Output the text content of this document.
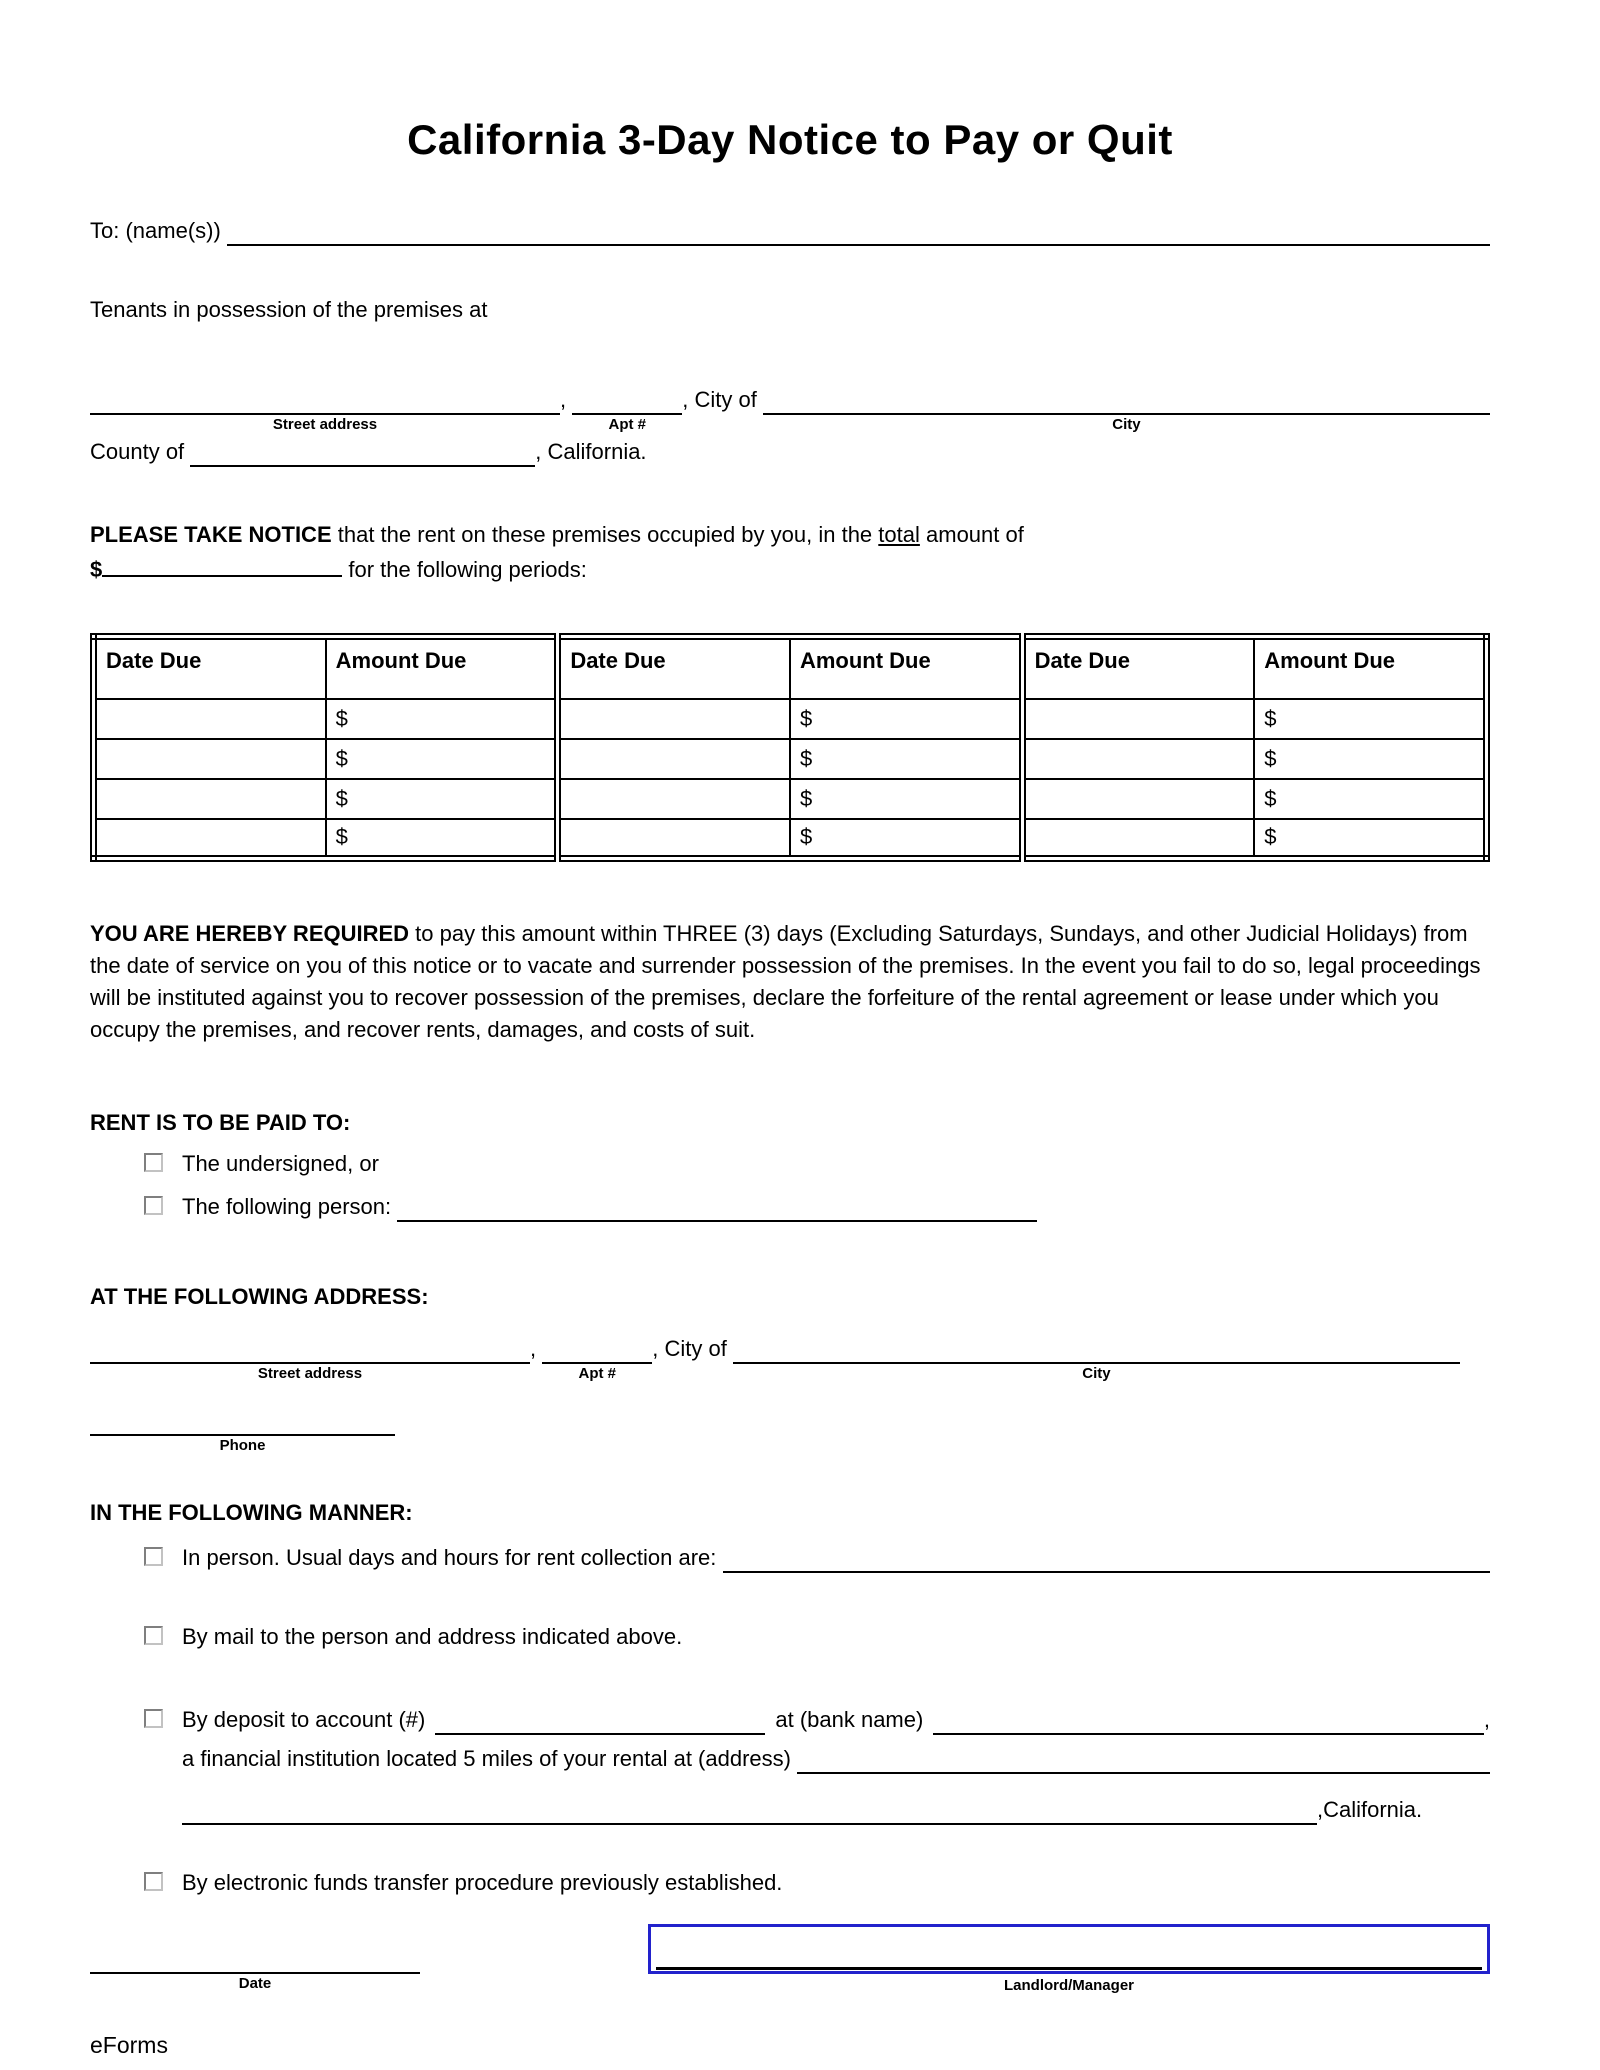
California 3-Day Notice to Pay or Quit
To: (name(s))
Tenants in possession of the premises at

Street address

,

Apt #

, City of

City

County of	, California.
PLEASE TAKE NOTICE that the rent on these premises occupied by you, in the total amount of
$	for the following periods:
Date Due	Amount Due	Date Due	Amount Due	Date Due	Amount Due
	$		$		$
	$		$		$
	$		$		$
	$		$		$
YOU ARE HEREBY REQUIRED to pay this amount within THREE (3) days (Excluding Saturdays, Sundays, and other Judicial Holidays) from the date of service on you of this notice or to vacate and surrender possession of the premises. In the event you fail to do so, legal proceedings will be instituted against you to recover possession of the premises, declare the forfeiture of the rental agreement or lease under which you occupy the premises, and recover rents, damages, and costs of suit.
RENT IS TO BE PAID TO:
The undersigned, or
The following person:
AT THE FOLLOWING ADDRESS:

Street address

,

Apt #

, City of

City

Phone

IN THE FOLLOWING MANNER:
In person. Usual days and hours for rent collection are:
By mail to the person and address indicated above.
By deposit to account (#)	at (bank name)	,
a financial institution located 5 miles of your rental at (address)
,California.
By electronic funds transfer procedure previously established.
Date	Landlord/Manager
eForms
